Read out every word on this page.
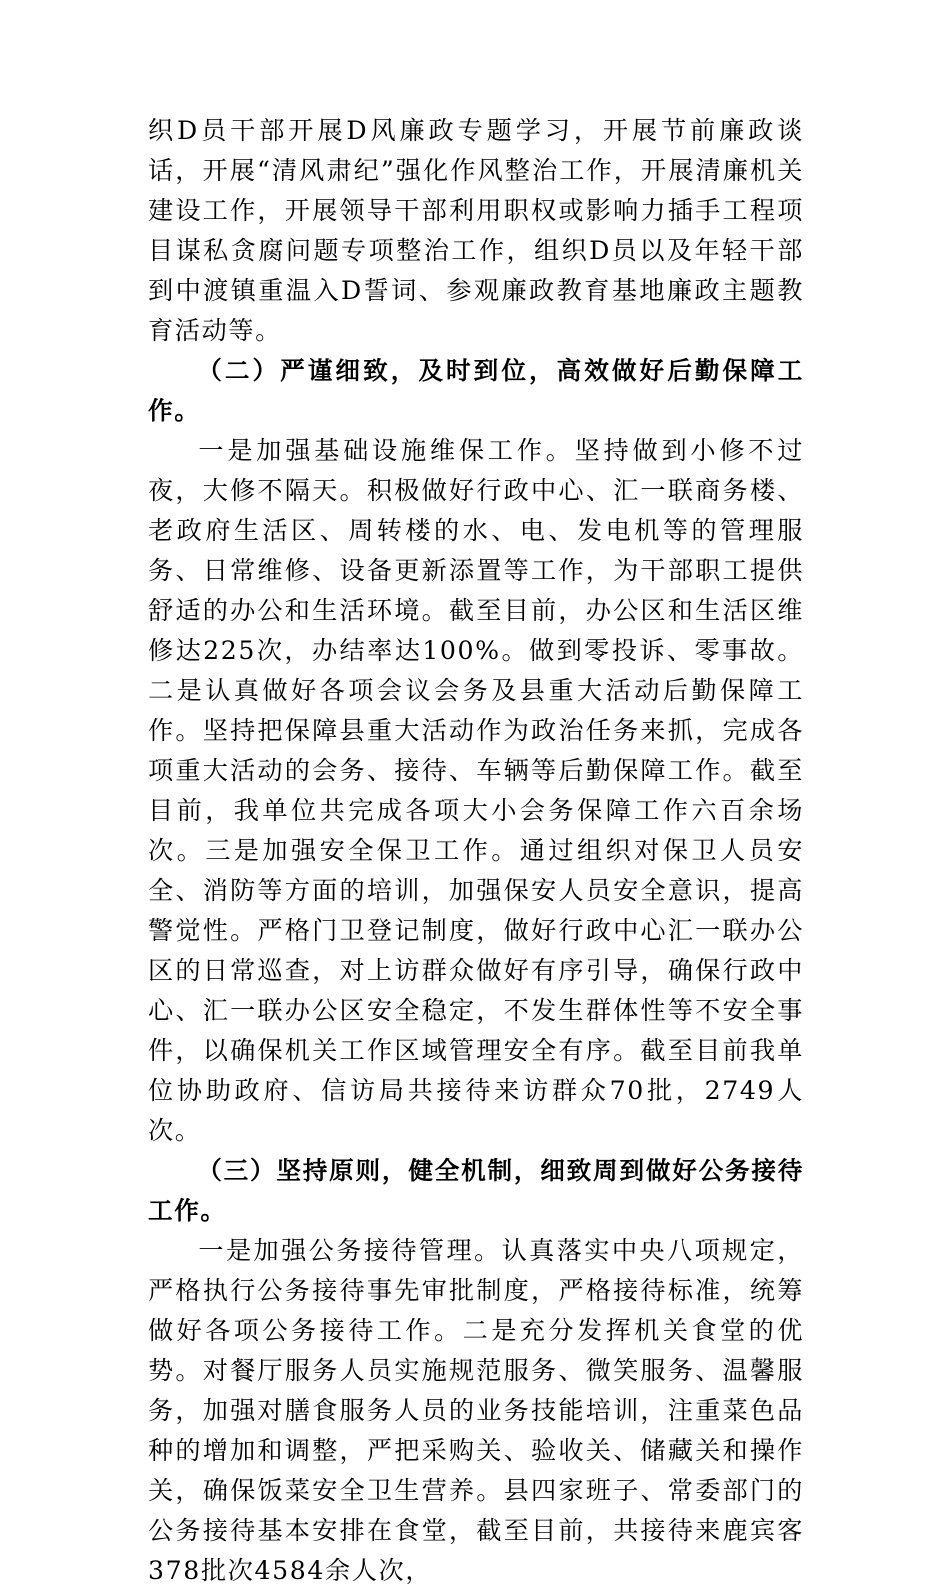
织D员干部开展D风廉政专题学习，开展节前廉政谈话，开展“清风肃纪”强化作风整治工作，开展清廉机关建设工作，开展领导干部利用职权或影响力插手工程项目谋私贪腐问题专项整治工作，组织D员以及年轻干部到中渡镇重温入D誓词、参观廉政教育基地廉政主题教育活动等。

（二）严谨细致，及时到位，高效做好后勤保障工作。

一是加强基础设施维保工作。坚持做到小修不过夜，大修不隔天。积极做好行政中心、汇一联商务楼、老政府生活区、周转楼的水、电、发电机等的管理服务、日常维修、设备更新添置等工作，为干部职工提供舒适的办公和生活环境。截至目前，办公区和生活区维修达225次，办结率达100%。做到零投诉、零事故。二是认真做好各项会议会务及县重大活动后勤保障工作。坚持把保障县重大活动作为政治任务来抓，完成各项重大活动的会务、接待、车辆等后勤保障工作。截至目前，我单位共完成各项大小会务保障工作六百余场次。三是加强安全保卫工作。通过组织对保卫人员安全、消防等方面的培训，加强保安人员安全意识，提高警觉性。严格门卫登记制度，做好行政中心汇一联办公区的日常巡查，对上访群众做好有序引导，确保行政中心、汇一联办公区安全稳定，不发生群体性等不安全事件，以确保机关工作区域管理安全有序。截至目前我单位协助政府、信访局共接待来访群众70批，2749人次。

（三）坚持原则，健全机制，细致周到做好公务接待工作。

一是加强公务接待管理。认真落实中央八项规定，严格执行公务接待事先审批制度，严格接待标准，统筹做好各项公务接待工作。二是充分发挥机关食堂的优势。对餐厅服务人员实施规范服务、微笑服务、温馨服务，加强对膳食服务人员的业务技能培训，注重菜色品种的增加和调整，严把采购关、验收关、储藏关和操作关，确保饭菜安全卫生营养。县四家班子、常委部门的公务接待基本安排在食堂，截至目前，共接待来鹿宾客378批次4584余人次，
